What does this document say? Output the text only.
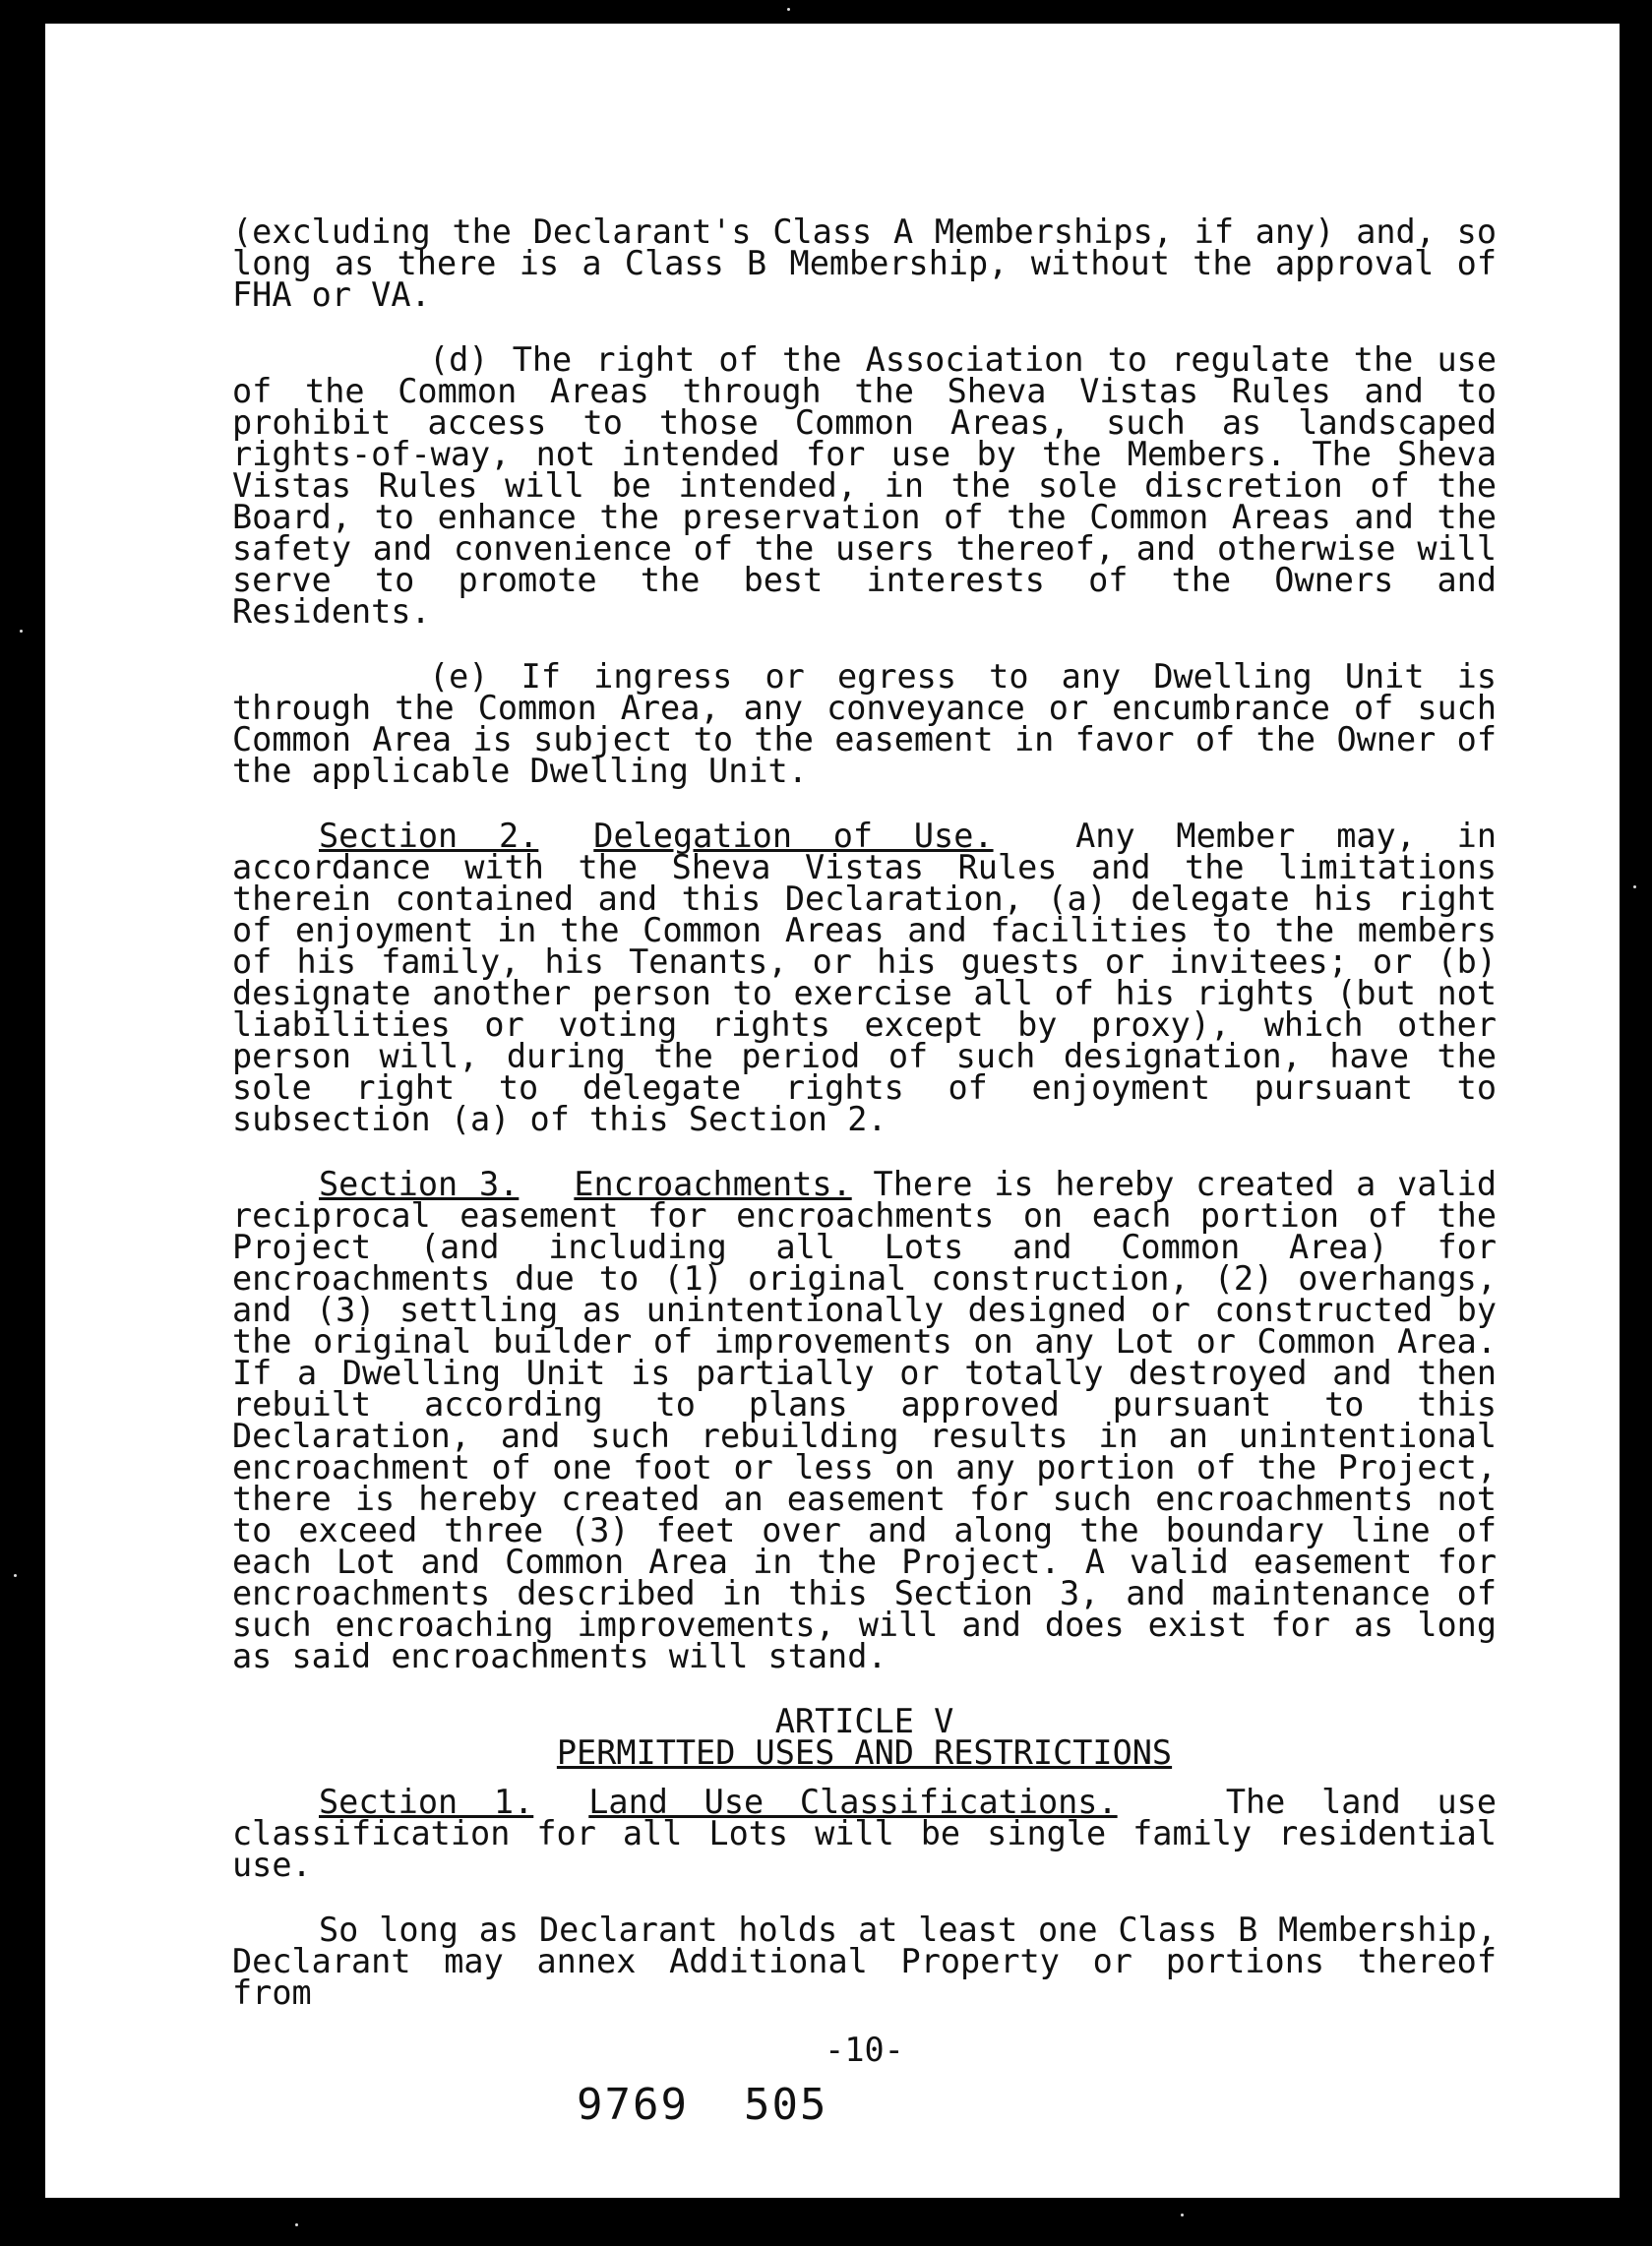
(excluding the Declarant's Class A Memberships, if any) and, so long as there is a Class B Membership, without the approval of FHA or VA.

(d) The right of the Association to regulate the use of the Common Areas through the Sheva Vistas Rules and to prohibit access to those Common Areas, such as landscaped rights-of-way, not intended for use by the Members. The Sheva Vistas Rules will be intended, in the sole discretion of the Board, to enhance the preservation of the Common Areas and the safety and convenience of the users thereof, and otherwise will serve to promote the best interests of the Owners and Residents.

(e) If ingress or egress to any Dwelling Unit is through the Common Area, any conveyance or encumbrance of such Common Area is subject to the easement in favor of the Owner of the applicable Dwelling Unit.

Section 2. Delegation of Use. Any Member may, in accordance with the Sheva Vistas Rules and the limitations therein contained and this Declaration, (a) delegate his right of enjoyment in the Common Areas and facilities to the members of his family, his Tenants, or his guests or invitees; or (b) designate another person to exercise all of his rights (but not liabilities or voting rights except by proxy), which other person will, during the period of such designation, have the sole right to delegate rights of enjoyment pursuant to subsection (a) of this Section 2.

Section 3. Encroachments. There is hereby created a valid reciprocal easement for encroachments on each portion of the Project (and including all Lots and Common Area) for encroachments due to (1) original construction, (2) overhangs, and (3) settling as unintentionally designed or constructed by the original builder of improvements on any Lot or Common Area. If a Dwelling Unit is partially or totally destroyed and then rebuilt according to plans approved pursuant to this Declaration, and such rebuilding results in an unintentional encroachment of one foot or less on any portion of the Project, there is hereby created an easement for such encroachments not to exceed three (3) feet over and along the boundary line of each Lot and Common Area in the Project. A valid easement for encroachments described in this Section 3, and maintenance of such encroaching improvements, will and does exist for as long as said encroachments will stand.

ARTICLE V

PERMITTED USES AND RESTRICTIONS

Section 1. Land Use Classifications.	The land use classification for all Lots will be single family residential use.

So long as Declarant holds at least one Class B Membership, Declarant may annex Additional Property or portions thereof from

-10-

9769 505
